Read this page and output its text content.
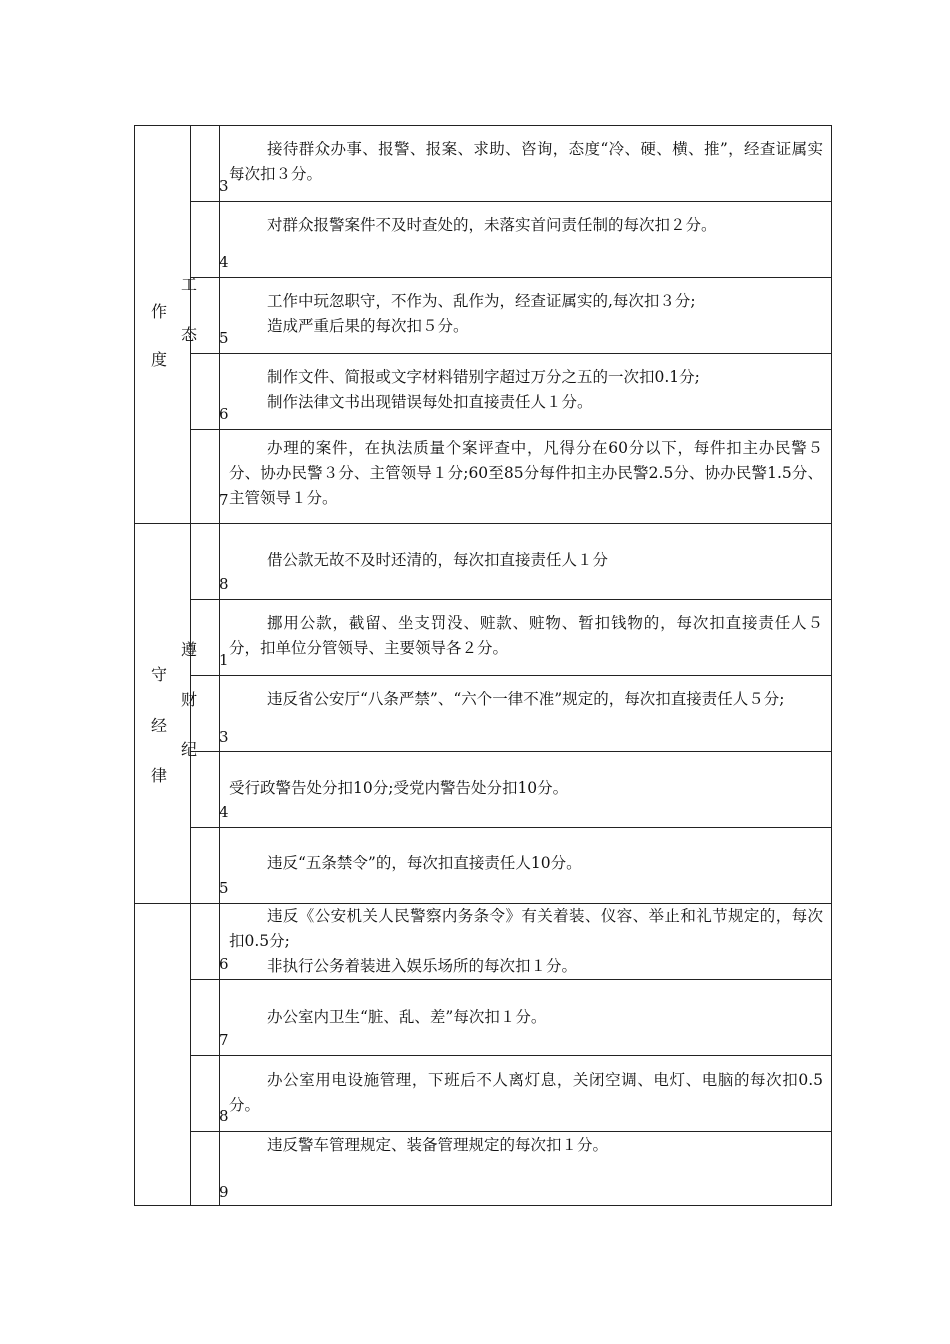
作
度
工
态
3

接待群众办事、报警、报案、求助、咨询，态度“冷、硬、横、推”，经查证属实每次扣３分。

4

对群众报警案件不及时查处的，未落实首问责任制的每次扣２分。

5

工作中玩忽职守，不作为、乱作为，经查证属实的,每次扣３分;

造成严重后果的每次扣５分。

6

制作文件、简报或文字材料错别字超过万分之五的一次扣0.1分;

制作法律文书出现错误每处扣直接责任人１分。

7

办理的案件，在执法质量个案评查中，凡得分在60分以下，每件扣主办民警５分、协办民警３分、主管领导１分;60至85分每件扣主办民警2.5分、协办民警1.5分、主管领导１分。

守
经
律
遵
财
纪
8

借公款无故不及时还清的，每次扣直接责任人１分

1

挪用公款，截留、坐支罚没、赃款、赃物、暂扣钱物的，每次扣直接责任人５分，扣单位分管领导、主要领导各２分。

3

违反省公安厅“八条严禁”、“六个一律不准”规定的，每次扣直接责任人５分;

4

受行政警告处分扣10分;受党内警告处分扣10分。

5

违反“五条禁令”的，每次扣直接责任人10分。

6

违反《公安机关人民警察内务条令》有关着装、仪容、举止和礼节规定的，每次扣0.5分;

非执行公务着装进入娱乐场所的每次扣１分。

7

办公室内卫生“脏、乱、差”每次扣１分。

8

办公室用电设施管理，下班后不人离灯息，关闭空调、电灯、电脑的每次扣0.5分。

9

违反警车管理规定、装备管理规定的每次扣１分。
